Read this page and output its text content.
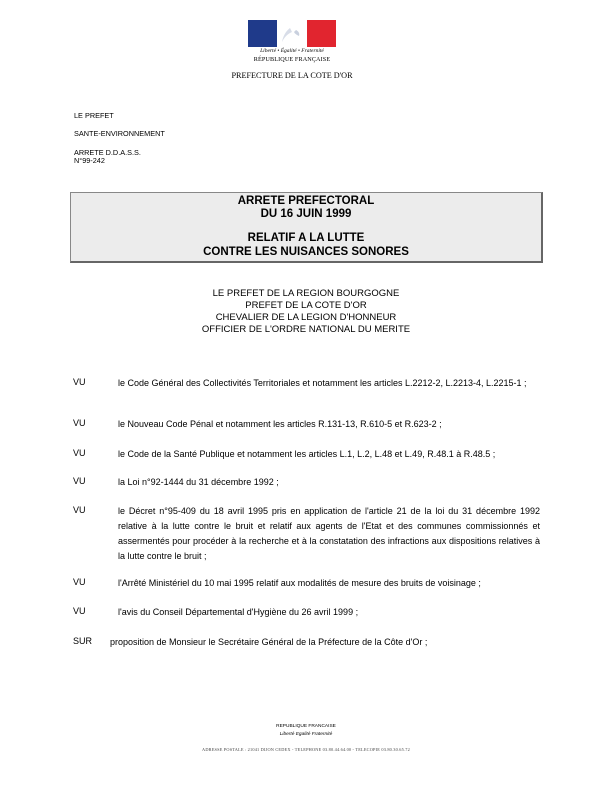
Liberté • Égalité • Fraternité
RÉPUBLIQUE FRANÇAISE
PREFECTURE DE LA COTE D'OR
LE PREFET
SANTE-ENVIRONNEMENT
ARRETE D.D.A.S.S.
N°99-242
ARRETE PREFECTORAL
DU 16 JUIN 1999
RELATIF A LA LUTTE
CONTRE LES NUISANCES SONORES
LE PREFET DE LA REGION BOURGOGNE
PREFET DE LA COTE D'OR
CHEVALIER DE LA LEGION D'HONNEUR
OFFICIER DE L'ORDRE NATIONAL DU MERITE
VU	le Code Général des Collectivités Territoriales et notamment les articles L.2212-2, L.2213-4, L.2215-1 ;
VU	le Nouveau Code Pénal et notamment les articles R.131-13, R.610-5 et R.623-2 ;
VU	le Code de la Santé Publique et notamment les articles L.1, L.2, L.48 et L.49, R.48.1 à R.48.5 ;
VU	la Loi n°92-1444 du 31 décembre 1992 ;
VU	le Décret n°95-409 du 18 avril 1995 pris en application de l'article 21 de la loi du 31 décembre 1992 relative à la lutte contre le bruit et relatif aux agents de l'Etat et des communes commissionnés et assermentés pour procéder à la recherche et à la constatation des infractions aux dispositions relatives à la lutte contre le bruit ;
VU	l'Arrêté Ministériel du 10 mai 1995 relatif aux modalités de mesure des bruits de voisinage ;
VU	l'avis du Conseil Départemental d'Hygiène du 26 avril 1999 ;
SUR proposition de Monsieur le Secrétaire Général de la Préfecture de la Côte d'Or ;
REPUBLIQUE FRANCAISE
Liberté Egalité Fraternité
ADRESSE POSTALE : 21041 DIJON CEDEX - TELEPHONE 03.80.44.64.00 - TELECOPIE 03.80.30.65.72
